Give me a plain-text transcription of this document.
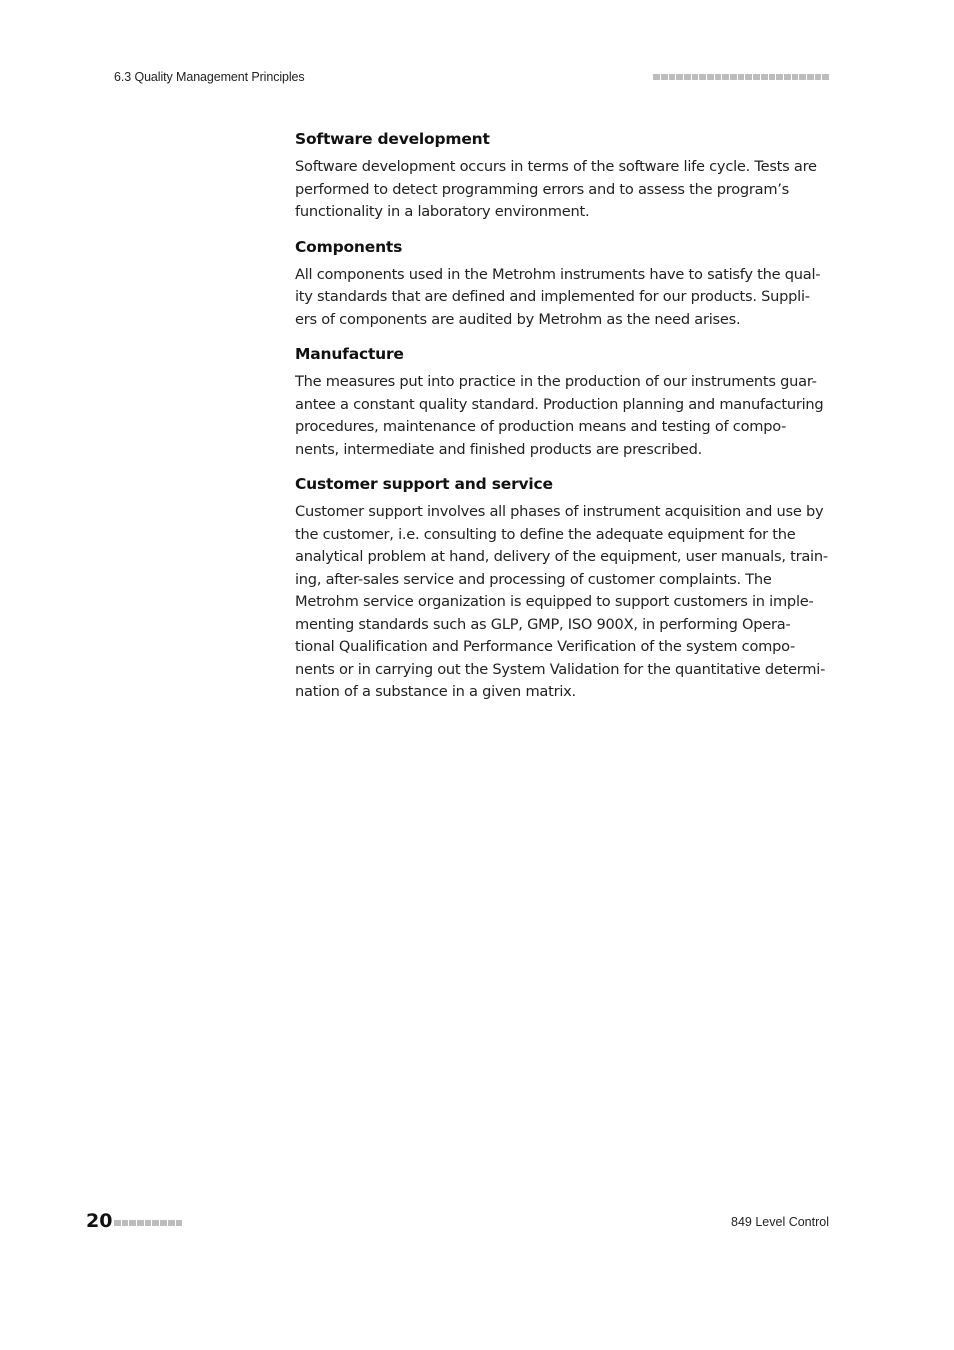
6.3 Quality Management Principles
Software development

Software development occurs in terms of the software life cycle. Tests are
performed to detect programming errors and to assess the program’s
functionality in a laboratory environment.

Components

All components used in the Metrohm instruments have to satisfy the qual-
ity standards that are defined and implemented for our products. Suppli-
ers of components are audited by Metrohm as the need arises.

Manufacture

The measures put into practice in the production of our instruments guar-
antee a constant quality standard. Production planning and manufacturing
procedures, maintenance of production means and testing of compo-
nents, intermediate and finished products are prescribed.

Customer support and service

Customer support involves all phases of instrument acquisition and use by
the customer, i.e. consulting to define the adequate equipment for the
analytical problem at hand, delivery of the equipment, user manuals, train-
ing, after-sales service and processing of customer complaints. The
Metrohm service organization is equipped to support customers in imple-
menting standards such as GLP, GMP, ISO 900X, in performing Opera-
tional Qualification and Performance Verification of the system compo-
nents or in carrying out the System Validation for the quantitative determi-
nation of a substance in a given matrix.

20	849 Level Control
